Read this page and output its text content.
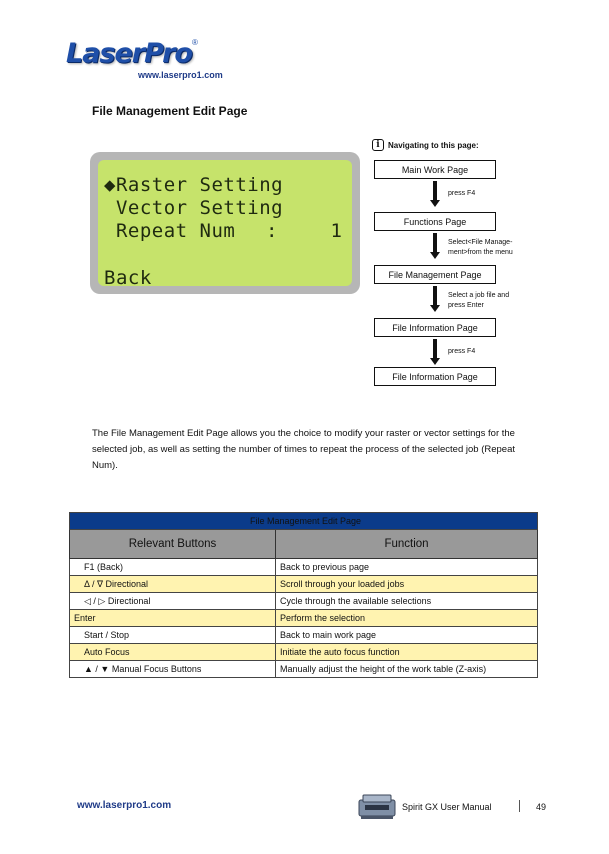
LaserPro ®
www.laserpro1.com
File Management Edit Page
◆Raster Setting
Vector Setting
Repeat Num :	1
Back
i	Navigating to this page:
Main Work Page
press F4
Functions Page
Select<File Manage-
ment>from the menu
File Management Page
Select a job file and
press Enter
File Information Page
press F4
File Information Page
The File Management Edit Page allows you the choice to modify your raster or vector settings for the selected job, as well as setting the number of times to repeat the process of the selected job (Repeat Num).
File Management Edit Page	
Relevant Buttons	Function
F1 (Back)	Back to previous page
Δ / ∇ Directional	Scroll through your loaded jobs
◁ / ▷ Directional	Cycle through the available selections
Enter	Perform the selection
Start / Stop	Back to main work page
Auto Focus	Initiate the auto focus function
▲ / ▼ Manual Focus Buttons	Manually adjust the height of the work table (Z-axis)
www.laserpro1.com	Spirit GX User Manual	49
